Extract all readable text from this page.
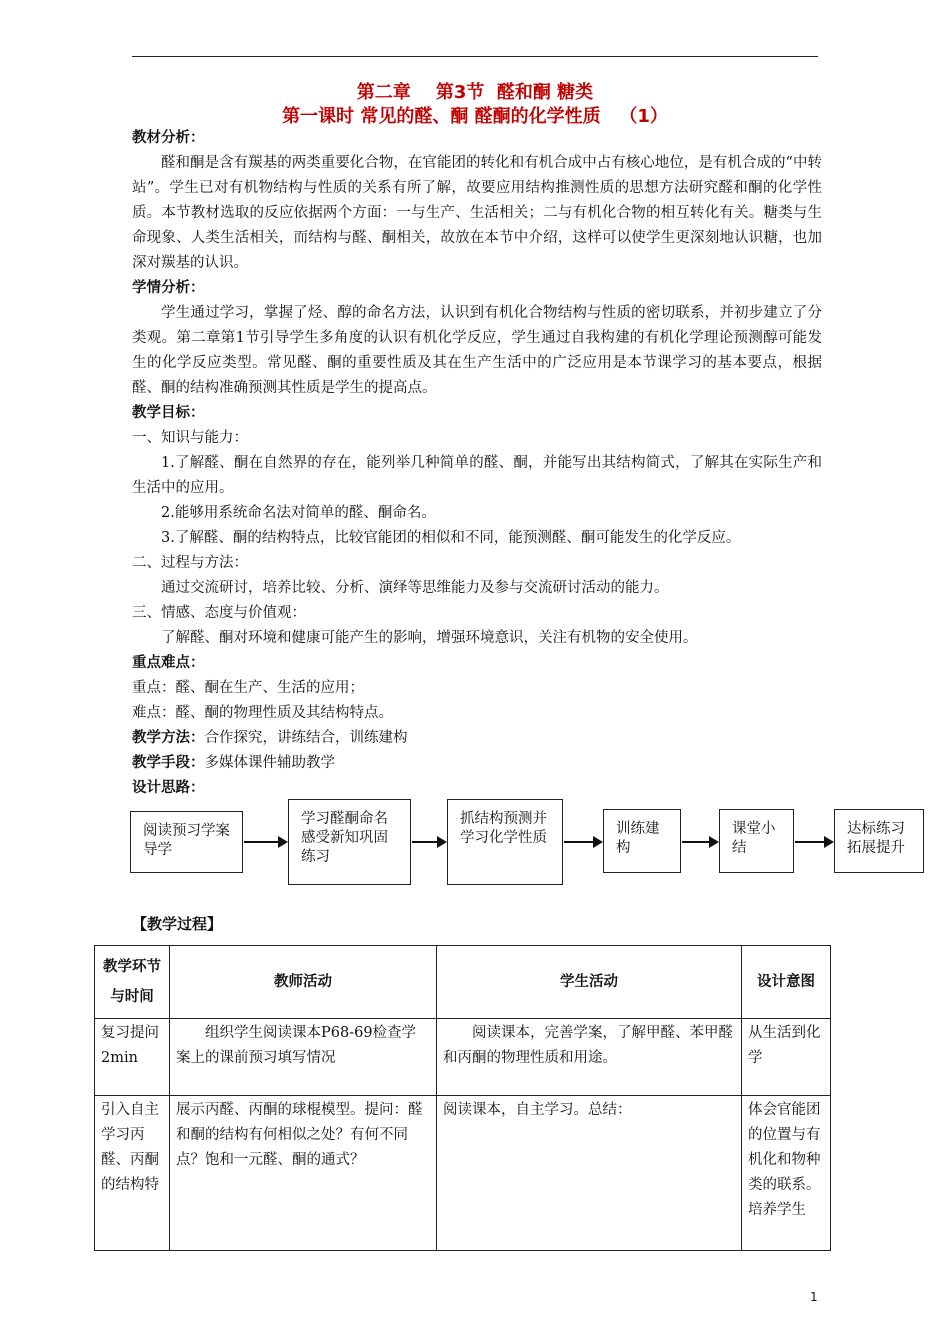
第二章    第3节  醛和酮 糖类
第一课时 常见的醛、酮 醛酮的化学性质   （1）

教材分析：

醛和酮是含有羰基的两类重要化合物，在官能团的转化和有机合成中占有核心地位，是有机合成的“中转站”。学生已对有机物结构与性质的关系有所了解，故要应用结构推测性质的思想方法研究醛和酮的化学性质。本节教材选取的反应依据两个方面：一与生产、生活相关；二与有机化合物的相互转化有关。糖类与生命现象、人类生活相关，而结构与醛、酮相关，故放在本节中介绍，这样可以使学生更深刻地认识糖，也加深对羰基的认识。

学情分析：

学生通过学习，掌握了烃、醇的命名方法，认识到有机化合物结构与性质的密切联系，并初步建立了分类观。第二章第1节引导学生多角度的认识有机化学反应，学生通过自我构建的有机化学理论预测醇可能发生的化学反应类型。常见醛、酮的重要性质及其在生产生活中的广泛应用是本节课学习的基本要点，根据醛、酮的结构准确预测其性质是学生的提高点。

教学目标：

一、知识与能力：

1.了解醛、酮在自然界的存在，能列举几种简单的醛、酮，并能写出其结构简式，了解其在实际生产和生活中的应用。

2.能够用系统命名法对简单的醛、酮命名。

3.了解醛、酮的结构特点，比较官能团的相似和不同，能预测醛、酮可能发生的化学反应。

二、过程与方法：

通过交流研讨，培养比较、分析、演绎等思维能力及参与交流研讨活动的能力。

三、情感、态度与价值观：

了解醛、酮对环境和健康可能产生的影响，增强环境意识，关注有机物的安全使用。

重点难点：

重点：醛、酮在生产、生活的应用；

难点：醛、酮的物理性质及其结构特点。

教学方法：合作探究，讲练结合，训练建构

教学手段：多媒体课件辅助教学

设计思路：

阅读预习学案导学
学习醛酮命名感受新知巩固练习
抓结构预测并学习化学性质
训练建构
课堂小结
达标练习拓展提升
【教学过程】
教学环节与时间	教师活动	学生活动	设计意图
复习提问2min	组织学生阅读课本P68-69检查学案上的课前预习填写情况	阅读课本，完善学案，了解甲醛、苯甲醛和丙酮的物理性质和用途。	从生活到化学
引入自主学习丙醛、丙酮的结构特	展示丙醛、丙酮的球棍模型。提问：醛和酮的结构有何相似之处？有何不同点？饱和一元醛、酮的通式？	阅读课本，自主学习。总结：	体会官能团的位置与有机化和物种类的联系。培养学生
1
